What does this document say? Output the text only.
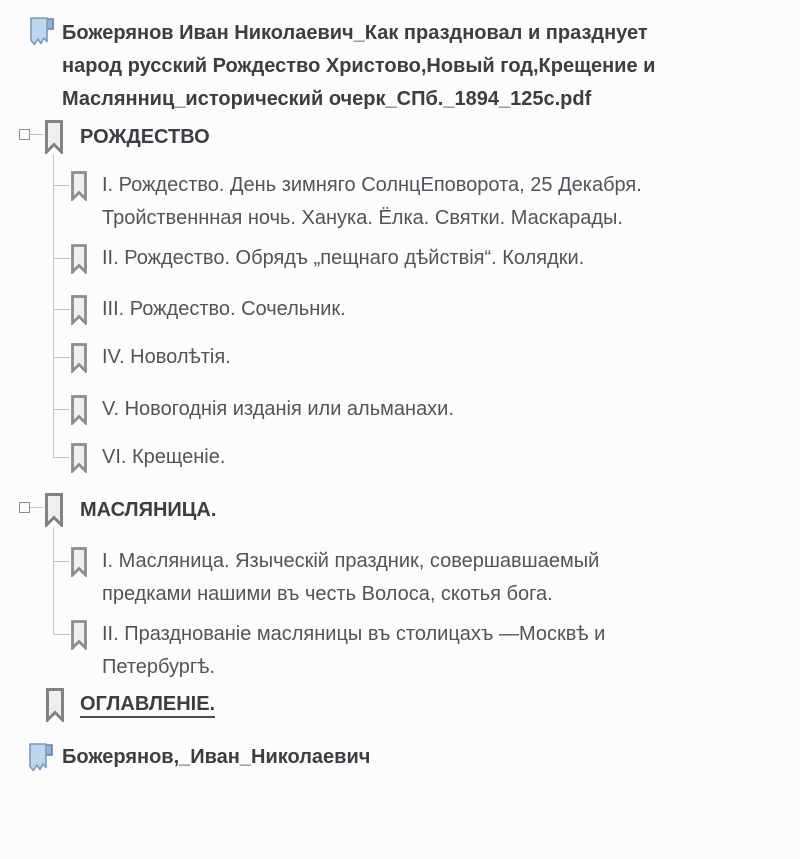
Божерянов Иван Николаевич_Как праздновал и празднует
народ русский Рождество Христово,Новый год,Крещение и
Маслянниц_исторический очерк_СПб._1894_125c.pdf
РОЖДЕСТВО
I. Рождество. День зимняго СолнцЕповорота, 25 Декабря.
Тройственнная ночь. Ханука. Ёлка. Святки. Маскарады.
II. Рождество. Обрядъ „пещнаго дѣйствія“. Колядки.
III. Рождество. Сочельник.
IV. Новолѣтія.
V. Новогоднія изданія или альманахи.
VI. Крещеніе.
МАСЛЯНИЦА.
I. Масляница. Языческій праздник, совершавшаемый
предками нашими въ честь Волоса, скотья бога.
II. Празднованіе масляницы въ столицахъ —Москвѣ и
Петербургѣ.
ОГЛАВЛЕНІЕ.
Божерянов,_Иван_Николаевич
